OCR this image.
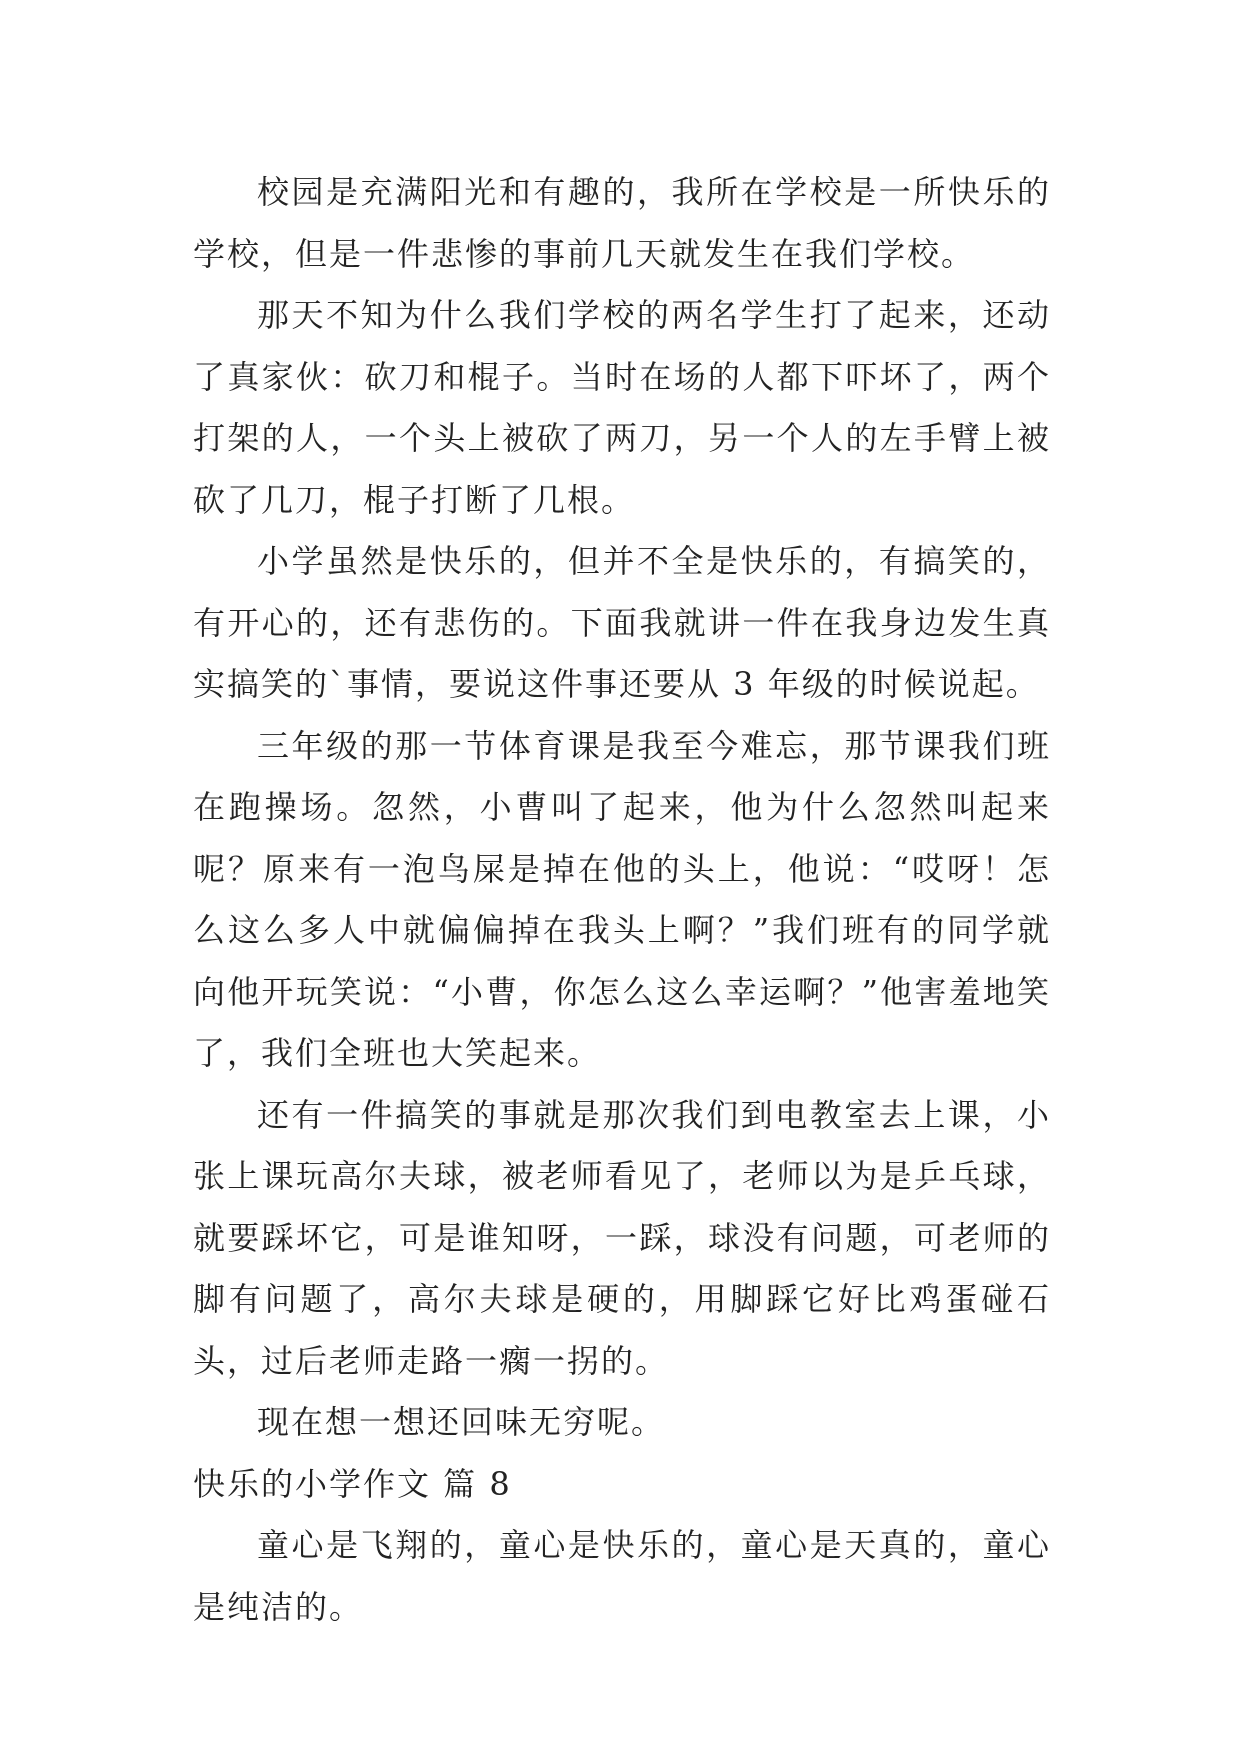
校园是充满阳光和有趣的，我所在学校是一所快乐的学校，但是一件悲惨的事前几天就发生在我们学校。

那天不知为什么我们学校的两名学生打了起来，还动了真家伙：砍刀和棍子。当时在场的人都下吓坏了，两个打架的人，一个头上被砍了两刀，另一个人的左手臂上被砍了几刀，棍子打断了几根。

小学虽然是快乐的，但并不全是快乐的，有搞笑的，有开心的，还有悲伤的。下面我就讲一件在我身边发生真实搞笑的`事情，要说这件事还要从 3 年级的时候说起。

三年级的那一节体育课是我至今难忘，那节课我们班在跑操场。忽然，小曹叫了起来，他为什么忽然叫起来呢？原来有一泡鸟屎是掉在他的头上，他说：“哎呀！怎么这么多人中就偏偏掉在我头上啊？”我们班有的同学就向他开玩笑说：“小曹，你怎么这么幸运啊？”他害羞地笑了，我们全班也大笑起来。

还有一件搞笑的事就是那次我们到电教室去上课，小张上课玩高尔夫球，被老师看见了，老师以为是乒乓球，就要踩坏它，可是谁知呀，一踩，球没有问题，可老师的脚有问题了，高尔夫球是硬的，用脚踩它好比鸡蛋碰石头，过后老师走路一瘸一拐的。

现在想一想还回味无穷呢。

快乐的小学作文 篇 8

童心是飞翔的，童心是快乐的，童心是天真的，童心是纯洁的。
